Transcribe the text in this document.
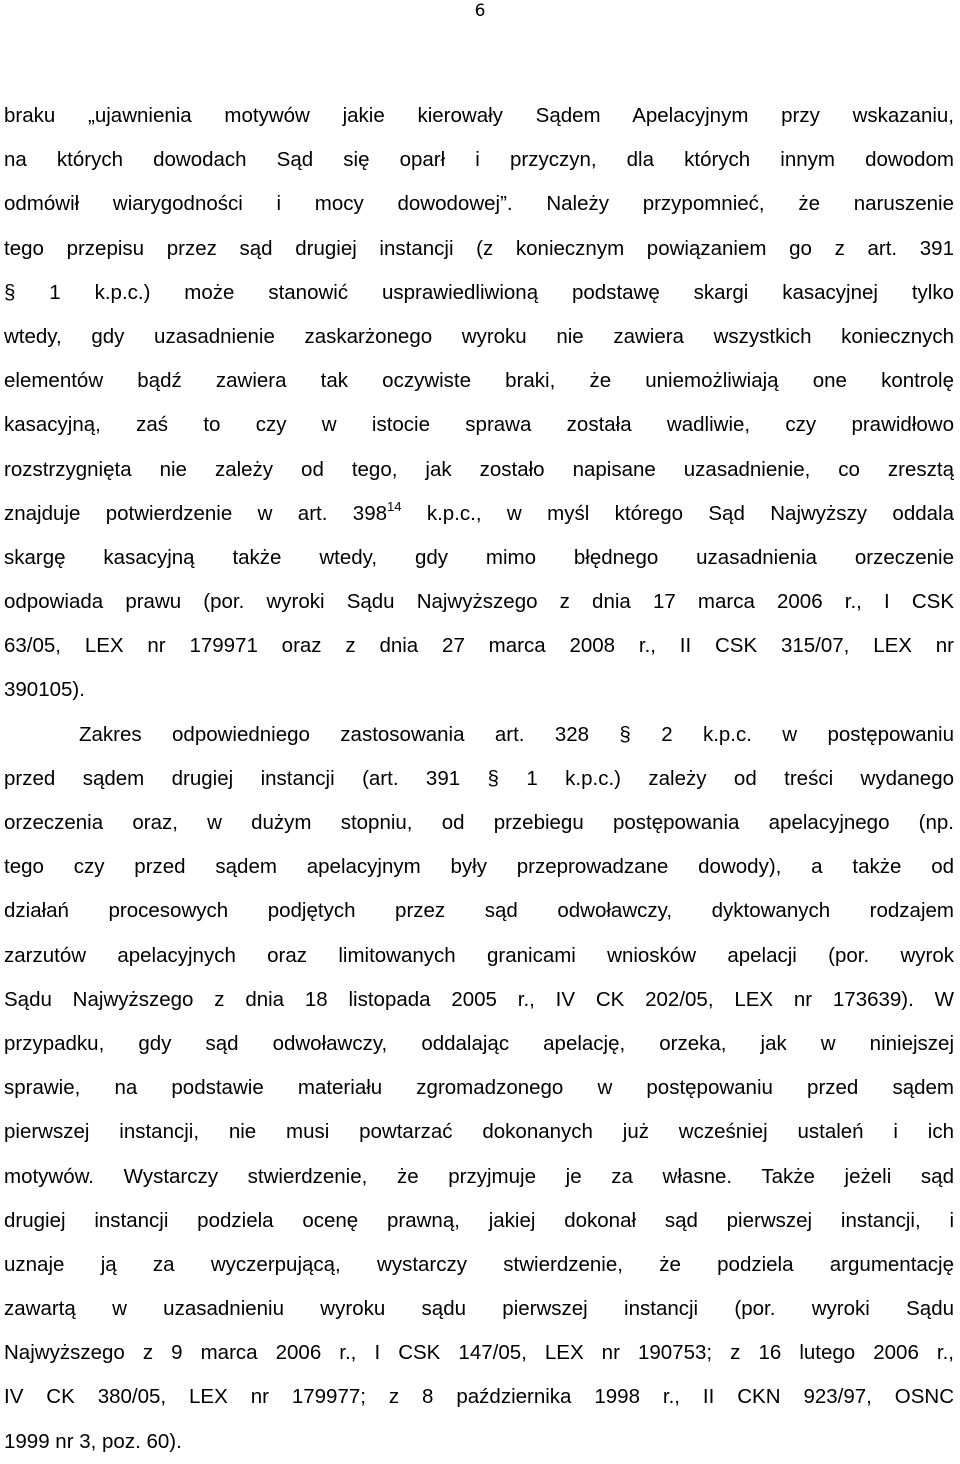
6
braku „ujawnienia motywów jakie kierowały Sądem Apelacyjnym przy wskazaniu,
na których dowodach Sąd się oparł i przyczyn, dla których innym dowodom
odmówił wiarygodności i mocy dowodowej”. Należy przypomnieć, że naruszenie
tego przepisu przez sąd drugiej instancji (z koniecznym powiązaniem go z art. 391
§ 1 k.p.c.) może stanowić usprawiedliwioną podstawę skargi kasacyjnej tylko
wtedy, gdy uzasadnienie zaskarżonego wyroku nie zawiera wszystkich koniecznych
elementów bądź zawiera tak oczywiste braki, że uniemożliwiają one kontrolę
kasacyjną, zaś to czy w istocie sprawa została wadliwie, czy prawidłowo
rozstrzygnięta nie zależy od tego, jak zostało napisane uzasadnienie, co zresztą
znajduje potwierdzenie w art. $398^{14}$ k.p.c., w myśl którego Sąd Najwyższy oddala
skargę kasacyjną także wtedy, gdy mimo błędnego uzasadnienia orzeczenie
odpowiada prawu (por. wyroki Sądu Najwyższego z dnia 17 marca 2006 r., I CSK
63/05, LEX nr 179971 oraz z dnia 27 marca 2008 r., II CSK 315/07, LEX nr
390105).
Zakres odpowiedniego zastosowania art. 328 § 2 k.p.c. w postępowaniu
przed sądem drugiej instancji (art. 391 § 1 k.p.c.) zależy od treści wydanego
orzeczenia oraz, w dużym stopniu, od przebiegu postępowania apelacyjnego (np.
tego czy przed sądem apelacyjnym były przeprowadzane dowody), a także od
działań procesowych podjętych przez sąd odwoławczy, dyktowanych rodzajem
zarzutów apelacyjnych oraz limitowanych granicami wniosków apelacji (por. wyrok
Sądu Najwyższego z dnia 18 listopada 2005 r., IV CK 202/05, LEX nr 173639). W
przypadku, gdy sąd odwoławczy, oddalając apelację, orzeka, jak w niniejszej
sprawie, na podstawie materiału zgromadzonego w postępowaniu przed sądem
pierwszej instancji, nie musi powtarzać dokonanych już wcześniej ustaleń i ich
motywów. Wystarczy stwierdzenie, że przyjmuje je za własne. Także jeżeli sąd
drugiej instancji podziela ocenę prawną, jakiej dokonał sąd pierwszej instancji, i
uznaje ją za wyczerpującą, wystarczy stwierdzenie, że podziela argumentację
zawartą w uzasadnieniu wyroku sądu pierwszej instancji (por. wyroki Sądu
Najwyższego z 9 marca 2006 r., I CSK 147/05, LEX nr 190753; z 16 lutego 2006 r.,
IV CK 380/05, LEX nr 179977; z 8 października 1998 r., II CKN 923/97, OSNC
1999 nr 3, poz. 60).
